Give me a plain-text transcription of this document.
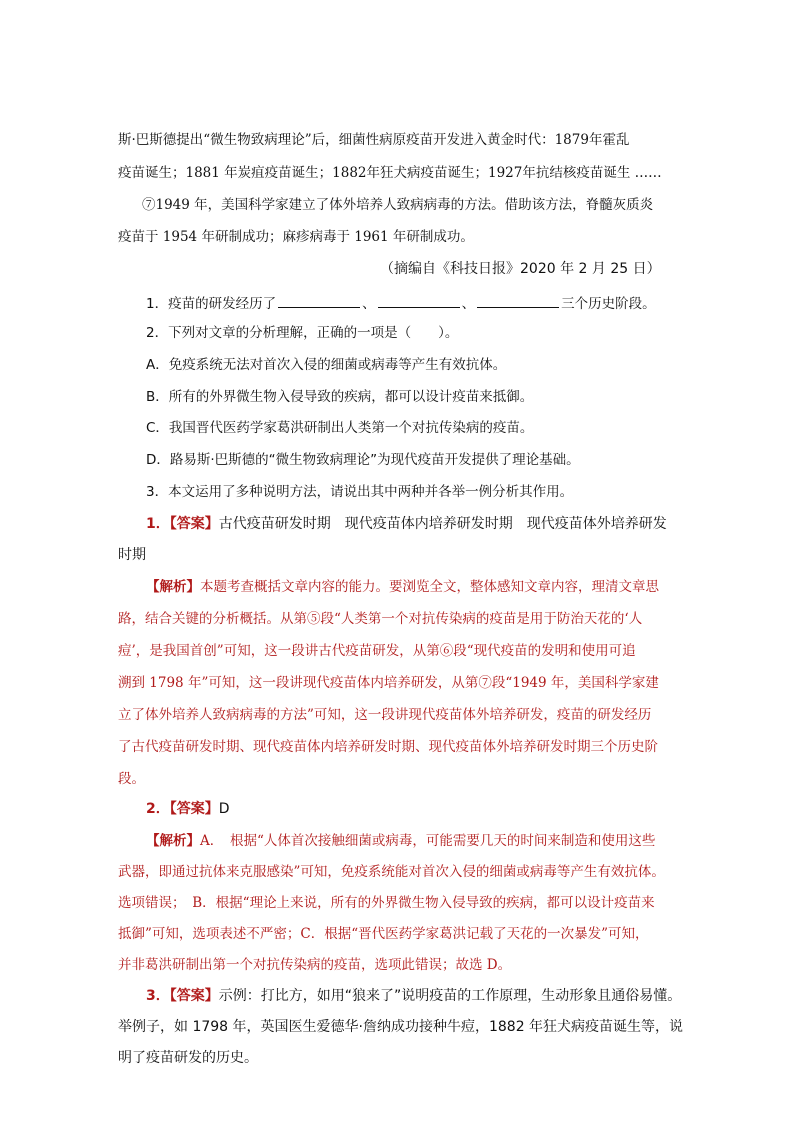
斯·巴斯德提出“微生物致病理论”后，细菌性病原疫苗开发进入黄金时代：1879年霍乱
疫苗诞生；1881 年炭疽疫苗诞生；1882年狂犬病疫苗诞生；1927年抗结核疫苗诞生 ……
⑦1949 年，美国科学家建立了体外培养人致病病毒的方法。借助该方法，脊髓灰质炎
疫苗于 1954 年研制成功；麻疹病毒于 1961 年研制成功。
（摘编自《科技日报》2020 年 2 月 25 日）
1．疫苗的研发经历了	、	、	三个历史阶段。
2．下列对文章的分析理解，正确的一项是（　　）。
A．免疫系统无法对首次入侵的细菌或病毒等产生有效抗体。
B．所有的外界微生物入侵导致的疾病，都可以设计疫苗来抵御。
C．我国晋代医药学家葛洪研制出人类第一个对抗传染病的疫苗。
D．路易斯·巴斯德的“微生物致病理论”为现代疫苗开发提供了理论基础。
3．本文运用了多种说明方法，请说出其中两种并各举一例分析其作用。
1．【答案】古代疫苗研发时期　现代疫苗体内培养研发时期　现代疫苗体外培养研发
时期
【解析】本题考查概括文章内容的能力。要浏览全文，整体感知文章内容，理清文章思
路，结合关键的分析概括。从第⑤段“人类第一个对抗传染病的疫苗是用于防治天花的‘人
痘’，是我国首创”可知，这一段讲古代疫苗研发，从第⑥段“现代疫苗的发明和使用可追
溯到 1798 年”可知，这一段讲现代疫苗体内培养研发，从第⑦段“1949 年，美国科学家建
立了体外培养人致病病毒的方法”可知，这一段讲现代疫苗体外培养研发，疫苗的研发经历
了古代疫苗研发时期、现代疫苗体内培养研发时期、现代疫苗体外培养研发时期三个历史阶
段。
2．【答案】D
【解析】A．　根据“人体首次接触细菌或病毒，可能需要几天的时间来制造和使用这些
武器，即通过抗体来克服感染”可知，免疫系统能对首次入侵的细菌或病毒等产生有效抗体。
选项错误；　B．根据“理论上来说，所有的外界微生物入侵导致的疾病，都可以设计疫苗来
抵御”可知，选项表述不严密；C．根据“晋代医药学家葛洪记载了天花的一次暴发”可知，
并非葛洪研制出第一个对抗传染病的疫苗，选项此错误；故选 D。
3．【答案】示例：打比方，如用“狼来了”说明疫苗的工作原理，生动形象且通俗易懂。
举例子，如 1798 年，英国医生爱德华·詹纳成功接种牛痘，1882 年狂犬病疫苗诞生等，说
明了疫苗研发的历史。
